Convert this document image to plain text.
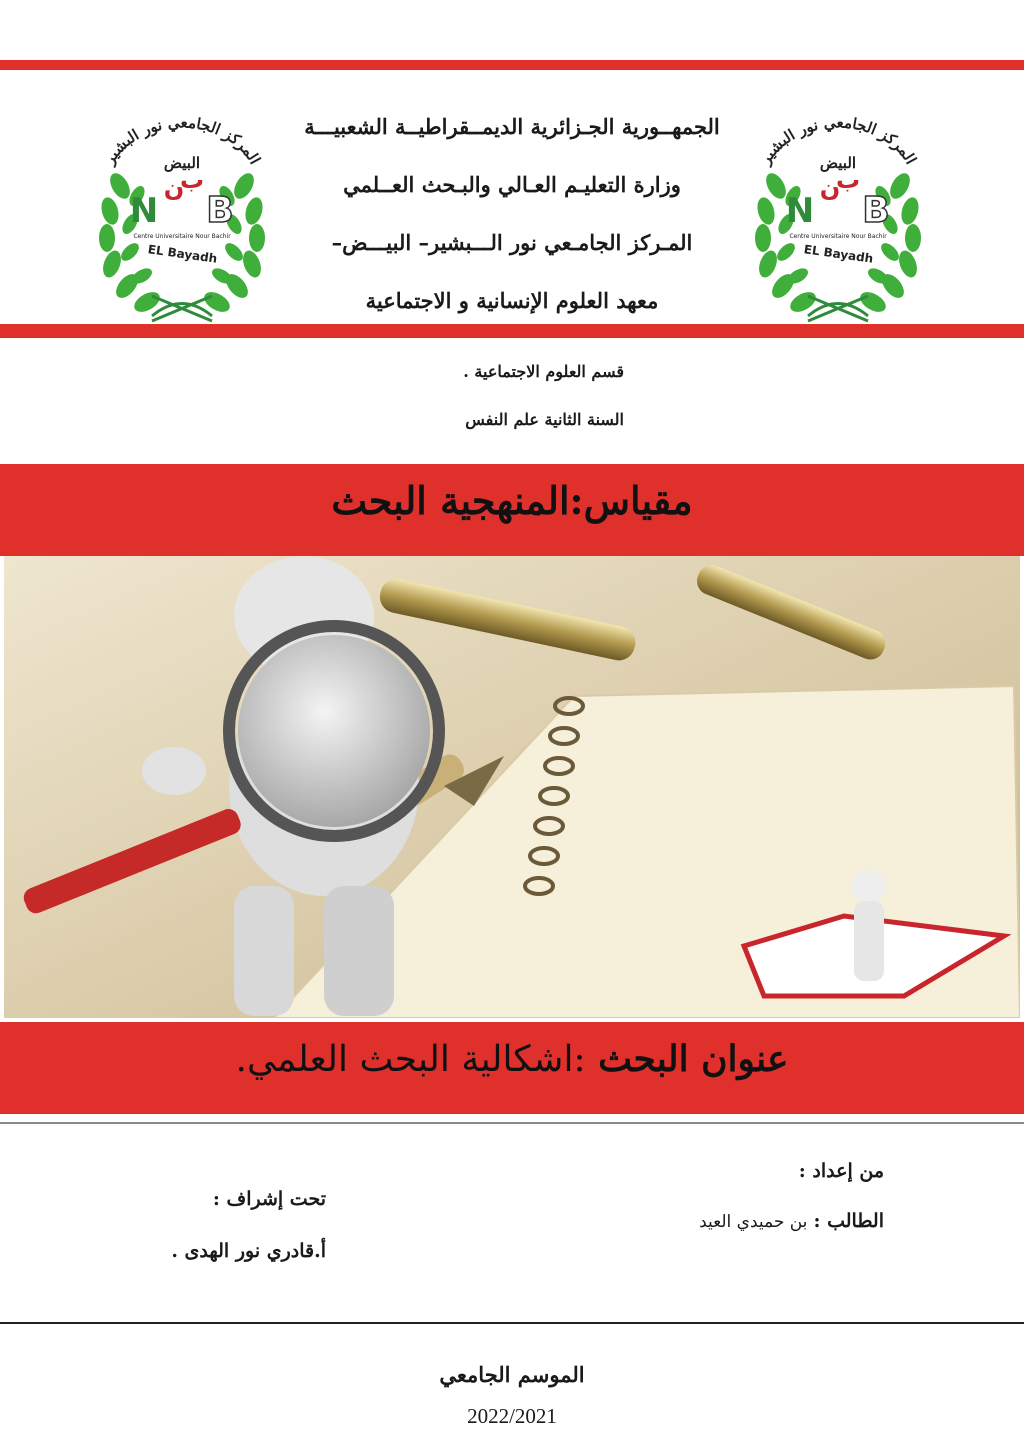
المركز الجامعي نور البشير
البيض
N
ن
ب
B
Centre Universitaire Nour Bachir
EL Bayadh
المركز الجامعي نور البشير
البيض
N
ن
ب
B
Centre Universitaire Nour Bachir
EL Bayadh
الجمهــورية الجـزائرية الديمــقراطيــة الشعبيـــة
وزارة التعليـم العـالي والبـحث العــلمي
المـركز الجامـعي نور الـــبشير– البيـــض–
معهد العلوم الإنسانية و الاجتماعية
قسم العلوم الاجتماعية .
السنة الثانية علم النفس
مقياس:المنهجية البحث
عنوان البحث :اشكالية البحث العلمي.
من إعداد :
الطالب : بن حميدي العيد
تحت إشراف :
أ.قادري نور الهدى .
الموسم الجامعي
2022/2021
